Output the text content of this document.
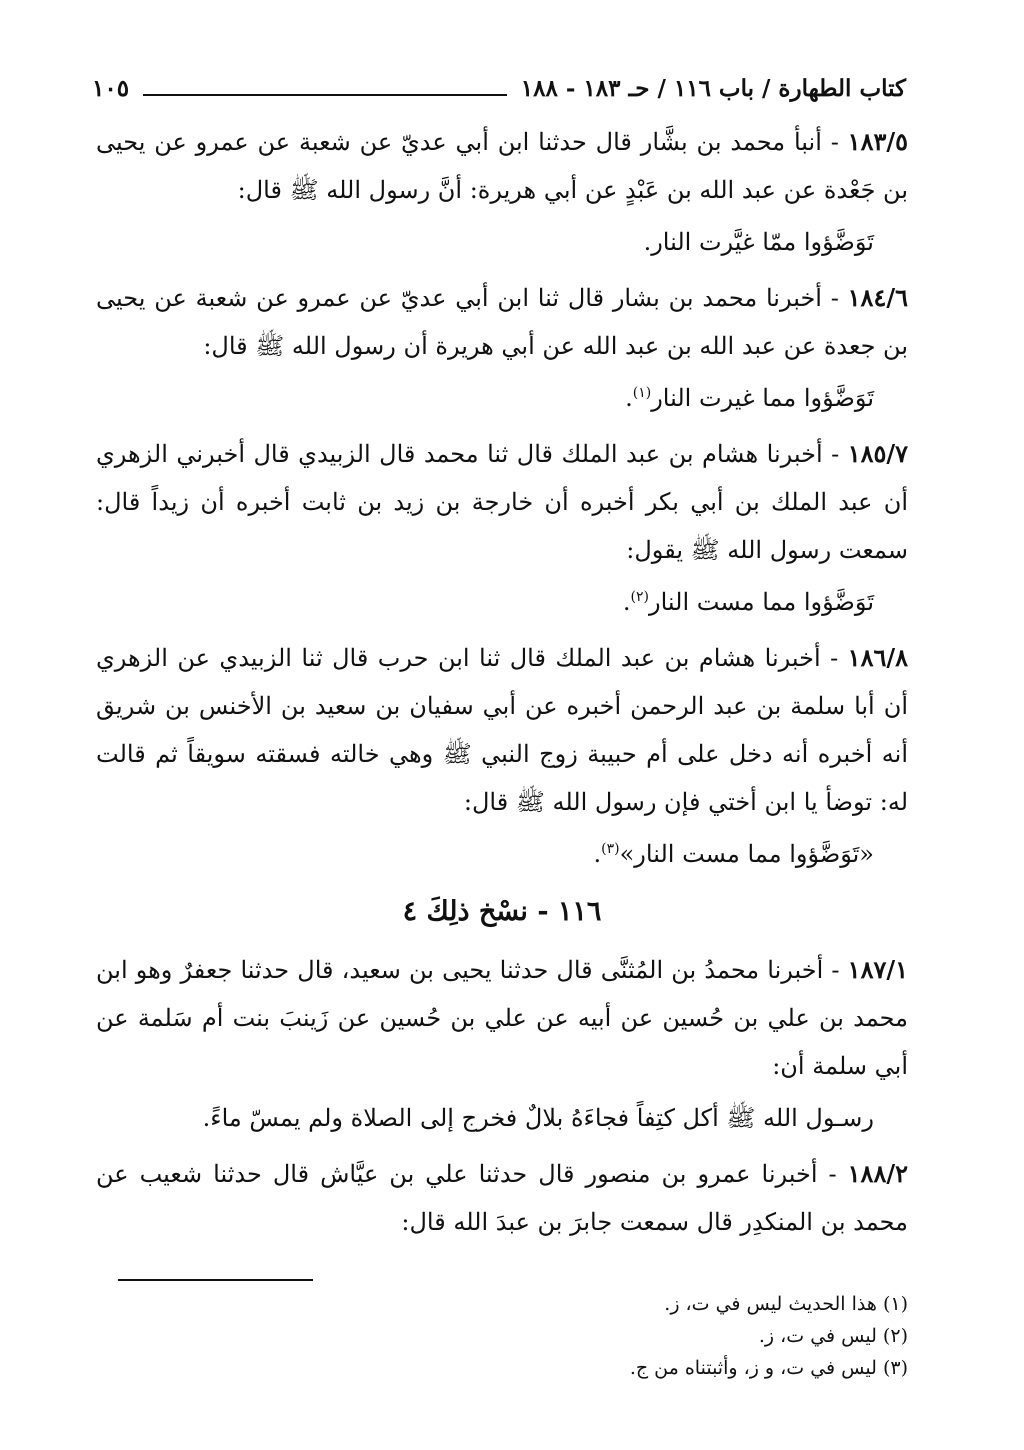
كتاب الطهارة / باب ١١٦ / حـ ١٨٣ - ١٨٨
١٠٥

١٨٣/٥ - أنبأ محمد بن بشَّار قال حدثنا ابن أبي عديّ عن شعبة عن عمرو عن يحيى بن جَعْدة عن عبد الله بن عَبْدٍ عن أبي هريرة: أنَّ رسول الله ﷺ قال:

تَوَضَّؤوا ممّا غيَّرت النار.

١٨٤/٦ - أخبرنا محمد بن بشار قال ثنا ابن أبي عديّ عن عمرو عن شعبة عن يحيى بن جعدة عن عبد الله بن عبد الله عن أبي هريرة أن رسول الله ﷺ قال:

تَوَضَّؤوا مما غيرت النار$^{(١)}$.

١٨٥/٧ - أخبرنا هشام بن عبد الملك قال ثنا محمد قال الزبيدي قال أخبرني الزهري أن عبد الملك بن أبي بكر أخبره أن خارجة بن زيد بن ثابت أخبره أن زيداً قال: سمعت رسول الله ﷺ يقول:

تَوَضَّؤوا مما مست النار$^{(٢)}$.

١٨٦/٨ - أخبرنا هشام بن عبد الملك قال ثنا ابن حرب قال ثنا الزبيدي عن الزهري أن أبا سلمة بن عبد الرحمن أخبره عن أبي سفيان بن سعيد بن الأخنس بن شريق أنه أخبره أنه دخل على أم حبيبة زوج النبي ﷺ وهي خالته فسقته سويقاً ثم قالت له: توضأ يا ابن أختي فإن رسول الله ﷺ قال:

«تَوَضَّؤوا مما مست النار»$^{(٣)}$.

١١٦ - نسْخ ذلِكَ ٤

١٨٧/١ - أخبرنا محمدُ بن المُثنَّى قال حدثنا يحيى بن سعيد، قال حدثنا جعفرٌ وهو ابن محمد بن علي بن حُسين عن أبيه عن علي بن حُسين عن زَينبَ بنت أم سَلمة عن أبي سلمة أن:

رسـول الله ﷺ أكل كتِفاً فجاءَهُ بلالٌ فخرج إلى الصلاة ولم يمسّ ماءً.

١٨٨/٢ - أخبرنا عمرو بن منصور قال حدثنا علي بن عيَّاش قال حدثنا شعيب عن محمد بن المنكدِر قال سمعت جابرَ بن عبدَ الله قال:

(١) هذا الحديث ليس في ت، ز.

(٢) ليس في ت، ز.

(٣) ليس في ت، و ز، وأثبتناه من ج.
